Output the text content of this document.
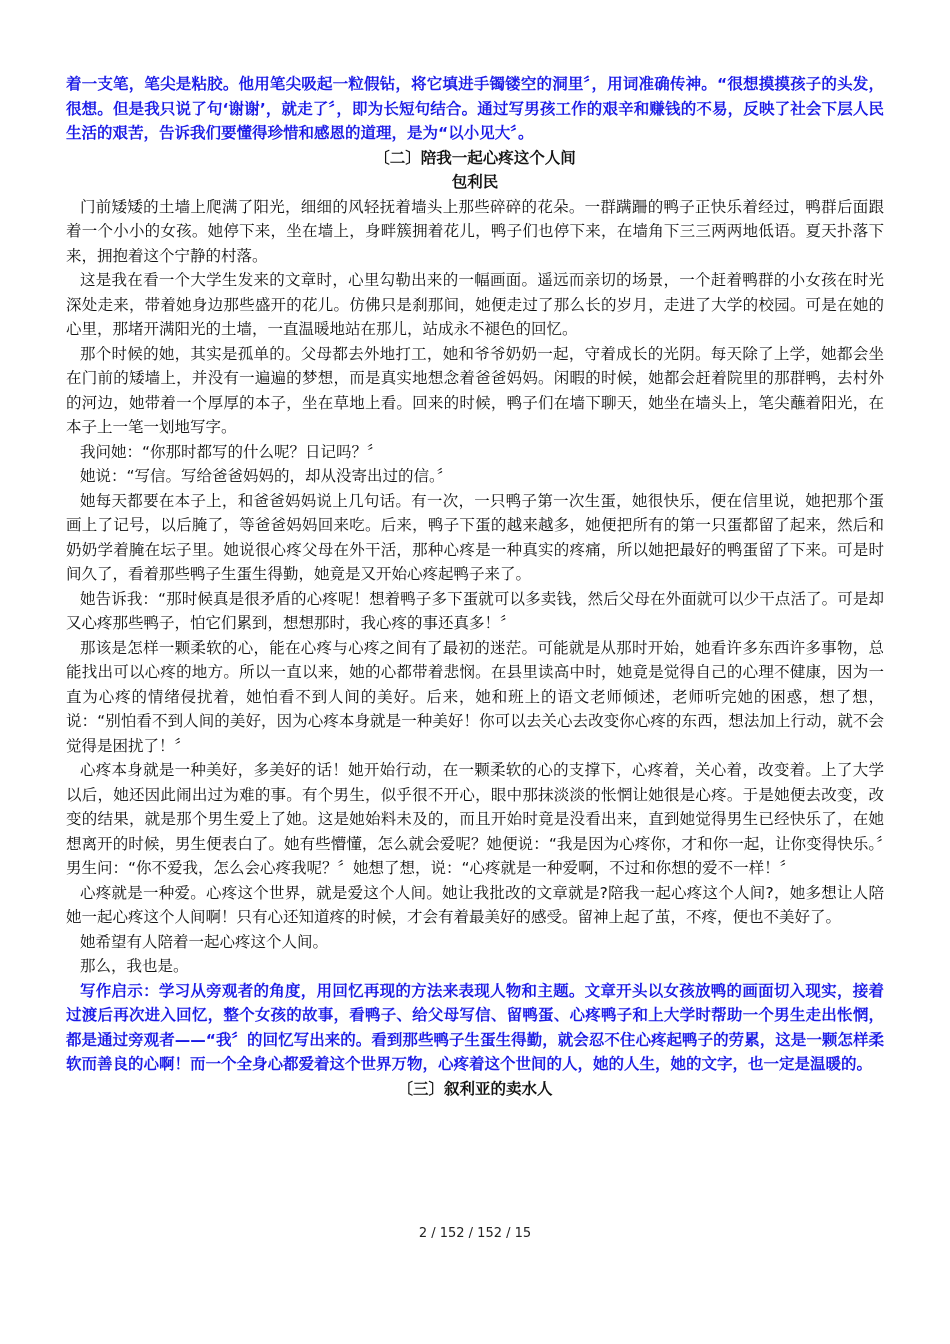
着一支笔，笔尖是粘胶。他用笔尖吸起一粒假钻，将它填进手镯镂空的洞里〞，用词准确传神。“很想摸摸孩子的头发，很想。但是我只说了句‘谢谢’，就走了〞，即为长短句结合。通过写男孩工作的艰辛和赚钱的不易，反映了社会下层人民生活的艰苦，告诉我们要懂得珍惜和感恩的道理，是为“以小见大〞。

〔二〕陪我一起心疼这个人间

包利民

门前矮矮的土墙上爬满了阳光，细细的风轻抚着墙头上那些碎碎的花朵。一群蹒跚的鸭子正快乐着经过，鸭群后面跟着一个小小的女孩。她停下来，坐在墙上，身畔簇拥着花儿，鸭子们也停下来，在墙角下三三两两地低语。夏天扑落下来，拥抱着这个宁静的村落。

这是我在看一个大学生发来的文章时，心里勾勒出来的一幅画面。遥远而亲切的场景，一个赶着鸭群的小女孩在时光深处走来，带着她身边那些盛开的花儿。仿佛只是刹那间，她便走过了那么长的岁月，走进了大学的校园。可是在她的心里，那堵开满阳光的土墙，一直温暖地站在那儿，站成永不褪色的回忆。

那个时候的她，其实是孤单的。父母都去外地打工，她和爷爷奶奶一起，守着成长的光阴。每天除了上学，她都会坐在门前的矮墙上，并没有一遍遍的梦想，而是真实地想念着爸爸妈妈。闲暇的时候，她都会赶着院里的那群鸭，去村外的河边，她带着一个厚厚的本子，坐在草地上看。回来的时候，鸭子们在墙下聊天，她坐在墙头上，笔尖蘸着阳光，在本子上一笔一划地写字。

我问她：“你那时都写的什么呢？日记吗？〞

她说：“写信。写给爸爸妈妈的，却从没寄出过的信。〞

她每天都要在本子上，和爸爸妈妈说上几句话。有一次，一只鸭子第一次生蛋，她很快乐，便在信里说，她把那个蛋画上了记号，以后腌了，等爸爸妈妈回来吃。后来，鸭子下蛋的越来越多，她便把所有的第一只蛋都留了起来，然后和奶奶学着腌在坛子里。她说很心疼父母在外干活，那种心疼是一种真实的疼痛，所以她把最好的鸭蛋留了下来。可是时间久了，看着那些鸭子生蛋生得勤，她竟是又开始心疼起鸭子来了。

她告诉我：“那时候真是很矛盾的心疼呢！想着鸭子多下蛋就可以多卖钱，然后父母在外面就可以少干点活了。可是却又心疼那些鸭子，怕它们累到，想想那时，我心疼的事还真多！〞

那该是怎样一颗柔软的心，能在心疼与心疼之间有了最初的迷茫。可能就是从那时开始，她看许多东西许多事物，总能找出可以心疼的地方。所以一直以来，她的心都带着悲悯。在县里读高中时，她竟是觉得自己的心理不健康，因为一直为心疼的情绪侵扰着，她怕看不到人间的美好。后来，她和班上的语文老师倾述，老师听完她的困惑，想了想，说：“别怕看不到人间的美好，因为心疼本身就是一种美好！你可以去关心去改变你心疼的东西，想法加上行动，就不会觉得是困扰了！〞

心疼本身就是一种美好，多美好的话！她开始行动，在一颗柔软的心的支撑下，心疼着，关心着，改变着。上了大学以后，她还因此闹出过为难的事。有个男生，似乎很不开心，眼中那抹淡淡的怅惘让她很是心疼。于是她便去改变，改变的结果，就是那个男生爱上了她。这是她始料未及的，而且开始时竟是没看出来，直到她觉得男生已经快乐了，在她想离开的时候，男生便表白了。她有些懵懂，怎么就会爱呢？她便说：“我是因为心疼你，才和你一起，让你变得快乐。〞男生问：“你不爱我，怎么会心疼我呢？〞她想了想，说：“心疼就是一种爱啊，不过和你想的爱不一样！〞

心疼就是一种爱。心疼这个世界，就是爱这个人间。她让我批改的文章就是?陪我一起心疼这个人间?，她多想让人陪她一起心疼这个人间啊！只有心还知道疼的时候，才会有着最美好的感受。留神上起了茧，不疼，便也不美好了。

她希望有人陪着一起心疼这个人间。

那么，我也是。

写作启示：学习从旁观者的角度，用回忆再现的方法来表现人物和主题。文章开头以女孩放鸭的画面切入现实，接着过渡后再次进入回忆，整个女孩的故事，看鸭子、给父母写信、留鸭蛋、心疼鸭子和上大学时帮助一个男生走出怅惘，都是通过旁观者——“我〞的回忆写出来的。看到那些鸭子生蛋生得勤，就会忍不住心疼起鸭子的劳累，这是一颗怎样柔软而善良的心啊！而一个全身心都爱着这个世界万物，心疼着这个世间的人，她的人生，她的文字，也一定是温暖的。

〔三〕叙利亚的卖水人

2 / 152 / 152 / 15
